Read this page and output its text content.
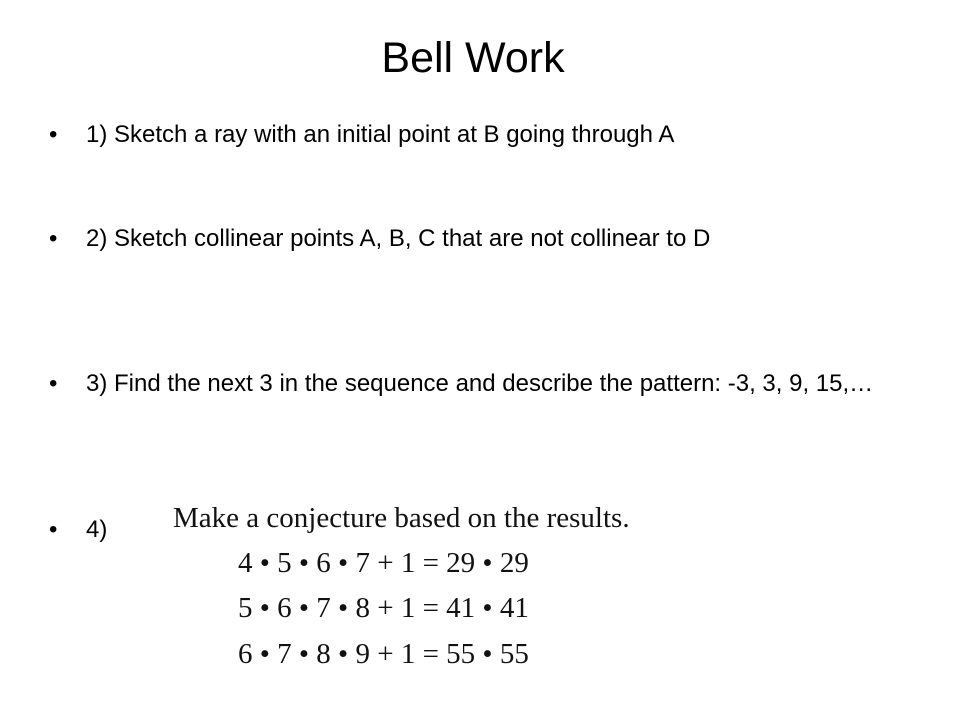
Bell Work
•	1) Sketch a ray with an initial point at B going through A
•	2) Sketch collinear points A, B, C that are not collinear to D
•	3) Find the next 3 in the sequence and describe the pattern: -3, 3, 9, 15,…
•	4)	Make a conjecture based on the results.
4 • 5 • 6 • 7 + 1 = 29 • 29
5 • 6 • 7 • 8 + 1 = 41 • 41
6 • 7 • 8 • 9 + 1 = 55 • 55
